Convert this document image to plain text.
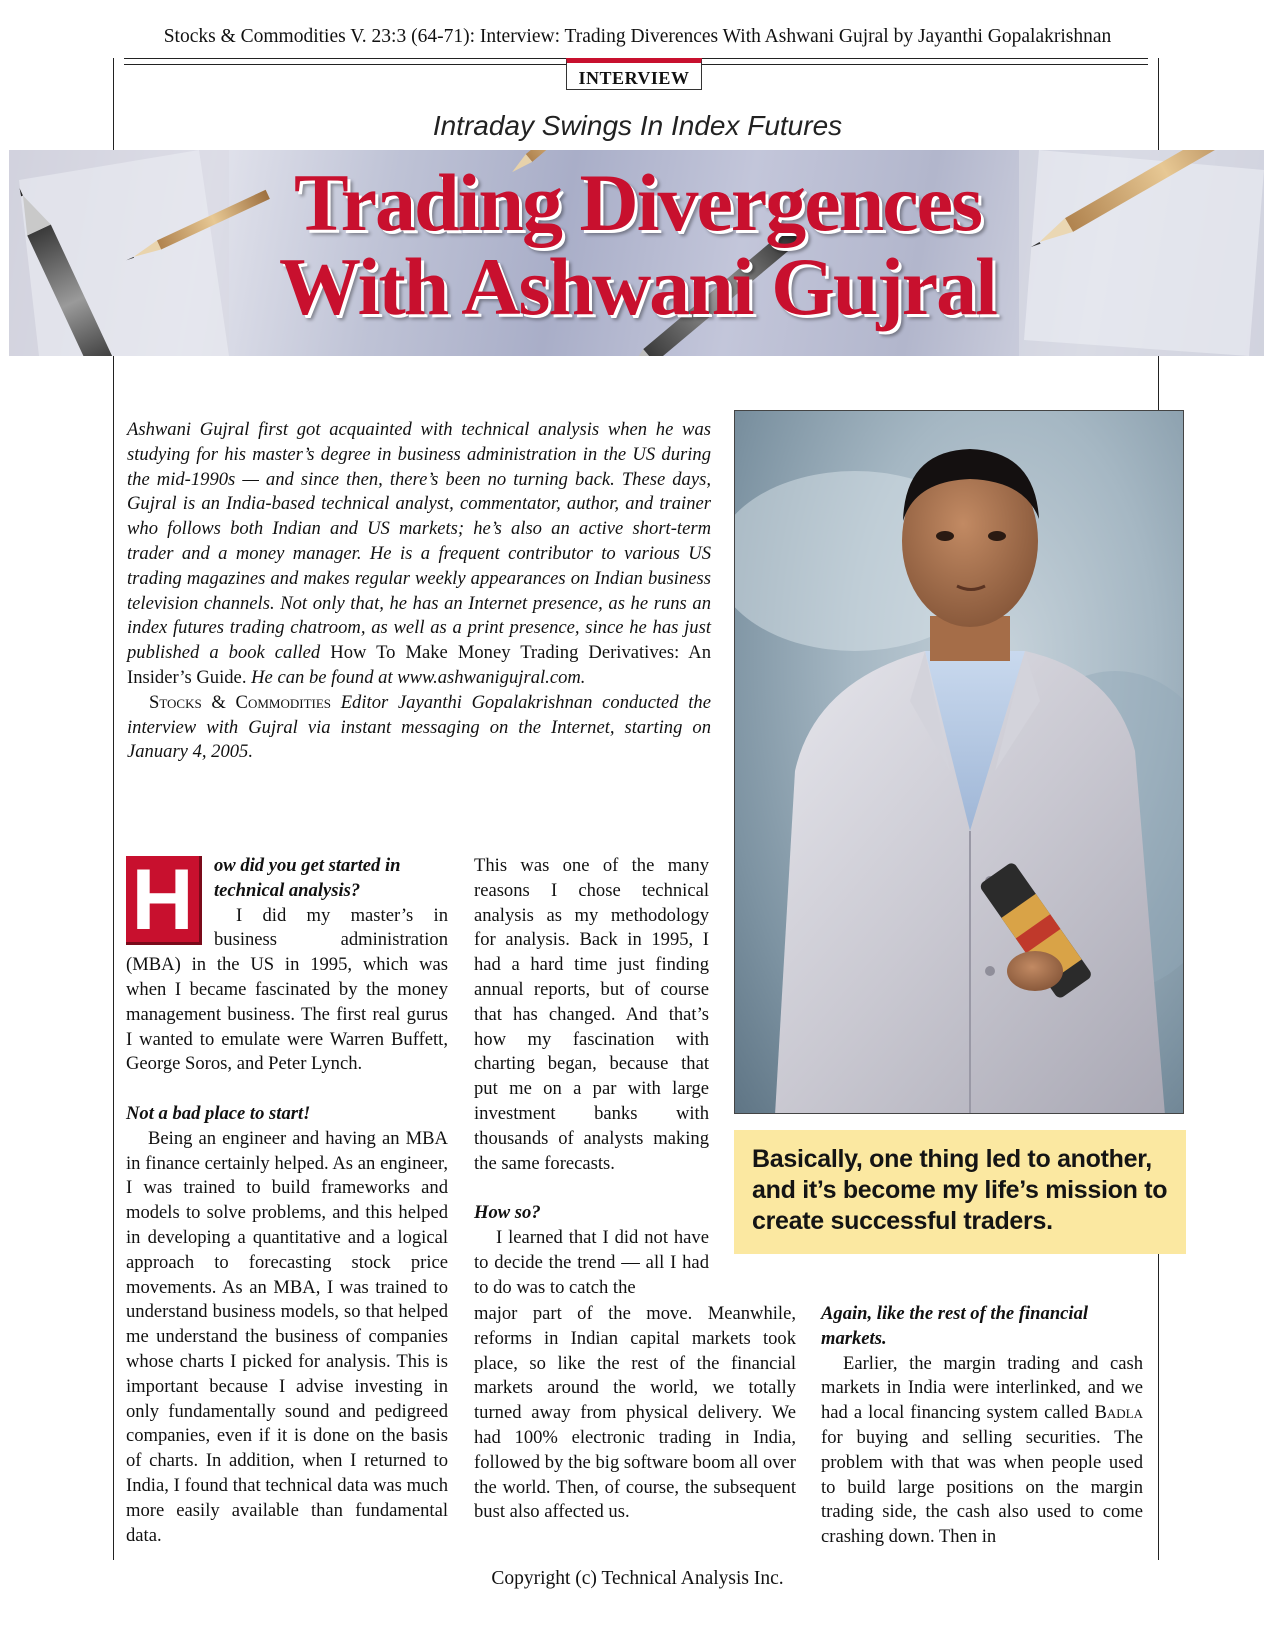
Stocks & Commodities V. 23:3 (64-71): Interview: Trading Diverences With Ashwani Gujral by Jayanthi Gopalakrishnan
INTERVIEW
Intraday Swings In Index Futures
Trading Divergences
With Ashwani Gujral

Ashwani Gujral first got acquainted with technical analysis when he was studying for his master’s degree in business administration in the US during the mid-1990s — and since then, there’s been no turning back. These days, Gujral is an India-based technical analyst, commentator, author, and trainer who follows both Indian and US markets; he’s also an active short-term trader and a money manager. He is a frequent contributor to various US trading magazines and makes regular weekly appearances on Indian business television channels. Not only that, he has an Internet presence, as he runs an index futures trading chatroom, as well as a print presence, since he has just published a book called How To Make Money Trading Derivatives: An Insider’s Guide. He can be found at www.ashwanigujral.com.

Stocks & Commodities Editor Jayanthi Gopalakrishnan conducted the interview with Gujral via instant messaging on the Internet, starting on January 4, 2005.

Basically, one thing led to another, and it’s become my life’s mission to create successful traders.
H	ow did you get started in technical analysis?

I did my master’s in business administration (MBA) in the US in 1995, which was when I became fascinated by the money management business. The first real gurus I wanted to emulate were Warren Buffett, George Soros, and Peter Lynch.

Not a bad place to start!

Being an engineer and having an MBA in finance certainly helped. As an engineer, I was trained to build frameworks and models to solve problems, and this helped in developing a quantitative and a logical approach to forecasting stock price movements. As an MBA, I was trained to understand business models, so that helped me understand the business of companies whose charts I picked for analysis. This is important because I advise investing in only fundamentally sound and pedigreed companies, even if it is done on the basis of charts. In addition, when I returned to India, I found that technical data was much more easily available than fundamental data.

This was one of the many reasons I chose technical analysis as my methodology for analysis. Back in 1995, I had a hard time just finding annual reports, but of course that has changed. And that’s how my fascination with charting began, because that put me on a par with large investment banks with thousands of analysts making the same forecasts.

How so?

I learned that I did not have to decide the trend — all I had to do was to catch the

major part of the move. Meanwhile, reforms in Indian capital markets took place, so like the rest of the financial markets around the world, we totally turned away from physical delivery. We had 100% electronic trading in India, followed by the big software boom all over the world. Then, of course, the subsequent bust also affected us.

Again, like the rest of the financial markets.

Earlier, the margin trading and cash markets in India were interlinked, and we had a local financing system called Badla for buying and selling securities. The problem with that was when people used to build large positions on the margin trading side, the cash also used to come crashing down. Then in

Copyright (c) Technical Analysis Inc.
